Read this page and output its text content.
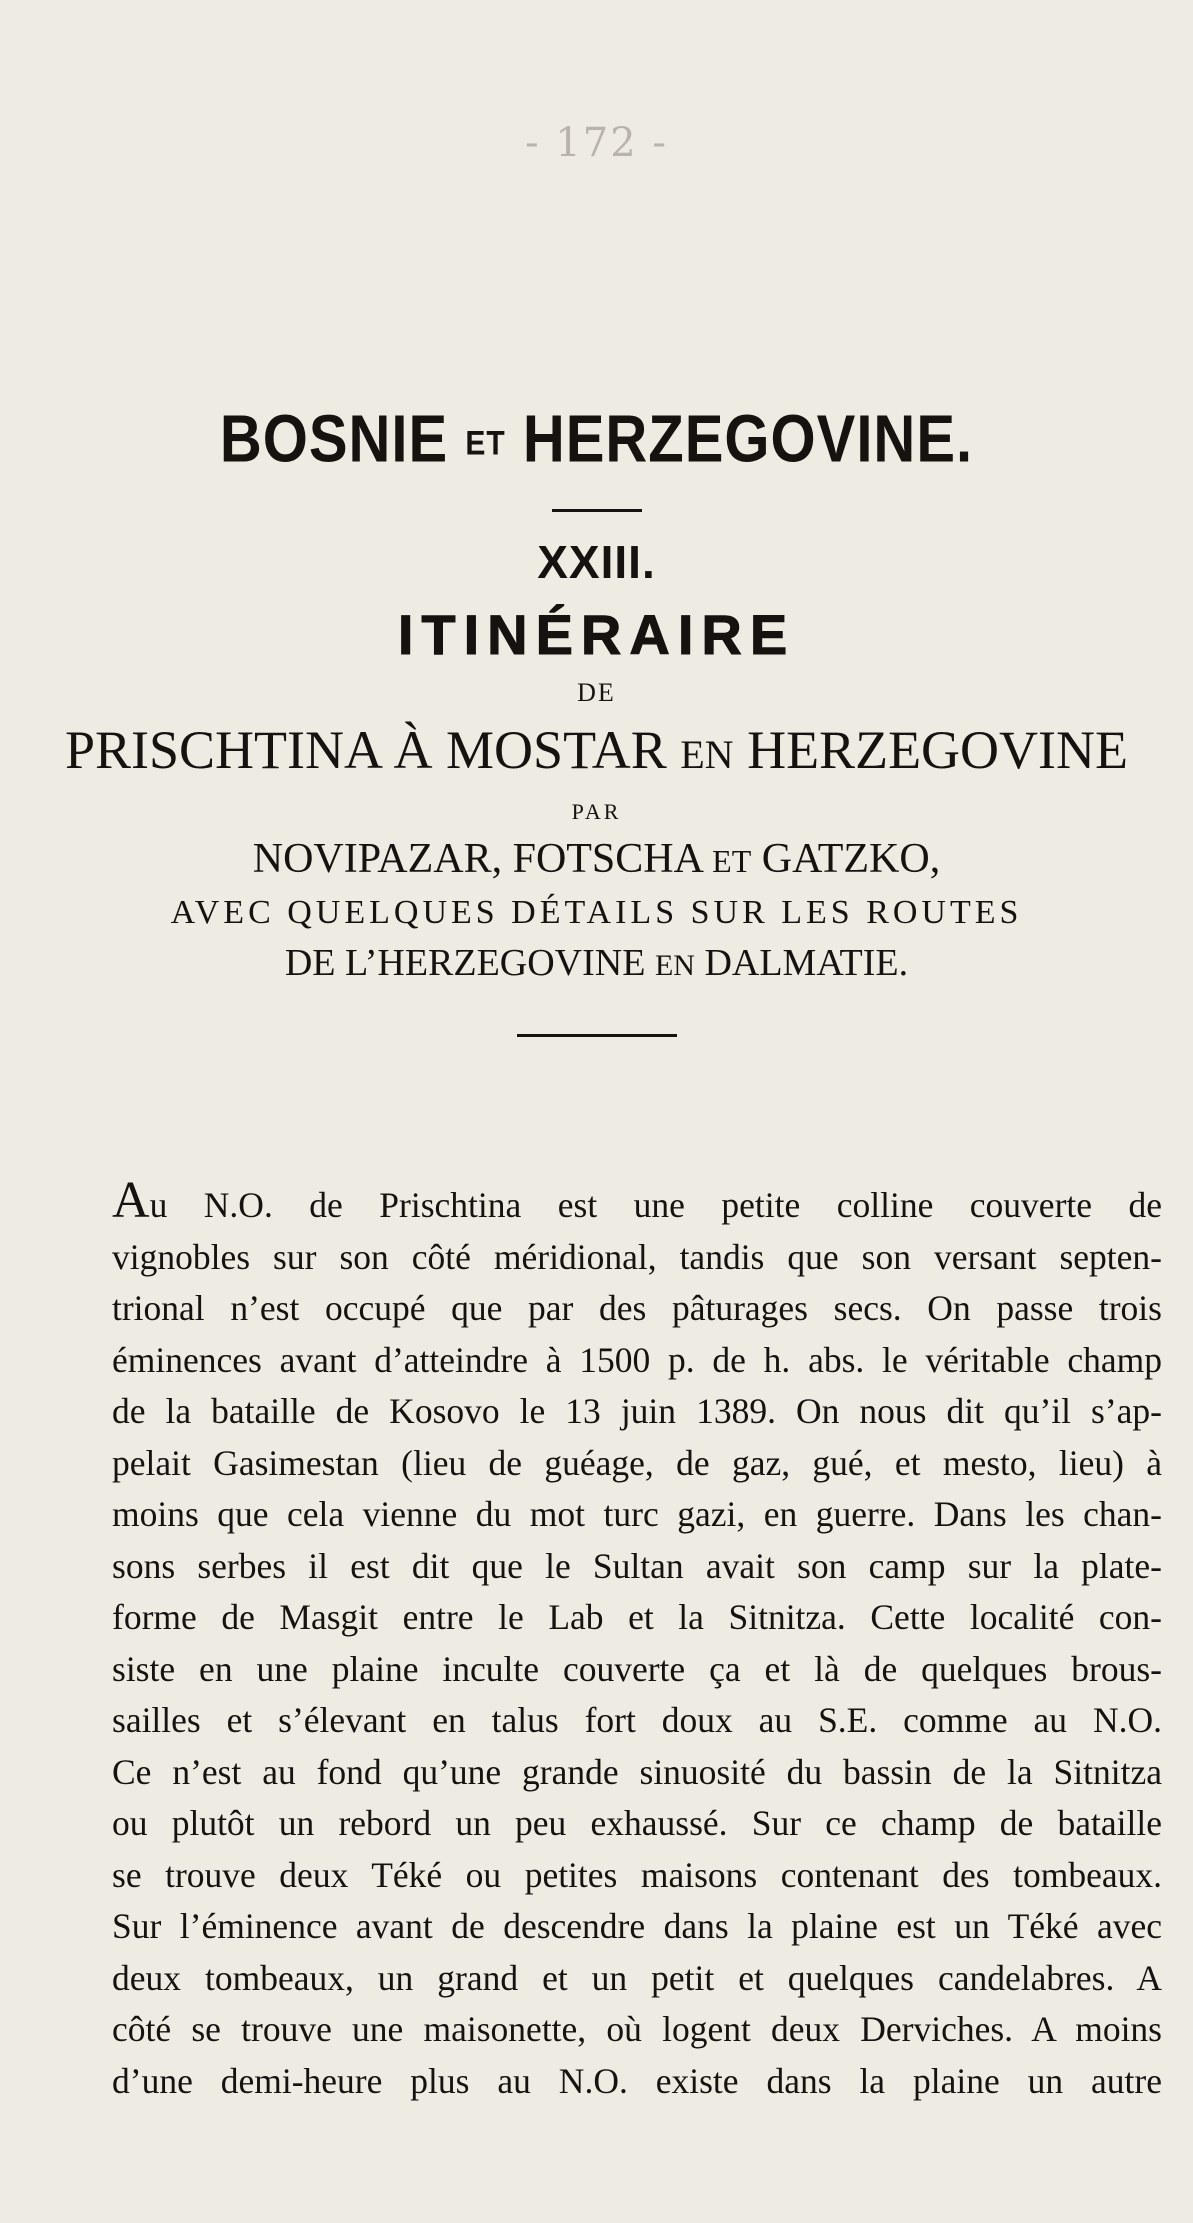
- 172 -
BOSNIE ET HERZEGOVINE.
XXIII.
ITINÉRAIRE
DE
PRISCHTINA À MOSTAR EN HERZEGOVINE
PAR
NOVIPAZAR, FOTSCHA ET GATZKO,
AVEC QUELQUES DÉTAILS SUR LES ROUTES
DE L’HERZEGOVINE EN DALMATIE.
Au N.O. de Prischtina est une petite colline couverte de
vignobles sur son côté méridional, tandis que son versant septen-
trional n’est occupé que par des pâturages secs. On passe trois
éminences avant d’atteindre à 1500 p. de h. abs. le véritable champ
de la bataille de Kosovo le 13 juin 1389. On nous dit qu’il s’ap-
pelait Gasimestan (lieu de guéage, de gaz, gué, et mesto, lieu) à
moins que cela vienne du mot turc gazi, en guerre. Dans les chan-
sons serbes il est dit que le Sultan avait son camp sur la plate-
forme de Masgit entre le Lab et la Sitnitza. Cette localité con-
siste en une plaine inculte couverte ça et là de quelques brous-
sailles et s’élevant en talus fort doux au S.E. comme au N.O.
Ce n’est au fond qu’une grande sinuosité du bassin de la Sitnitza
ou plutôt un rebord un peu exhaussé. Sur ce champ de bataille
se trouve deux Téké ou petites maisons contenant des tombeaux.
Sur l’éminence avant de descendre dans la plaine est un Téké avec
deux tombeaux, un grand et un petit et quelques candelabres. A
côté se trouve une maisonette, où logent deux Derviches. A moins
d’une demi-heure plus au N.O. existe dans la plaine un autre
